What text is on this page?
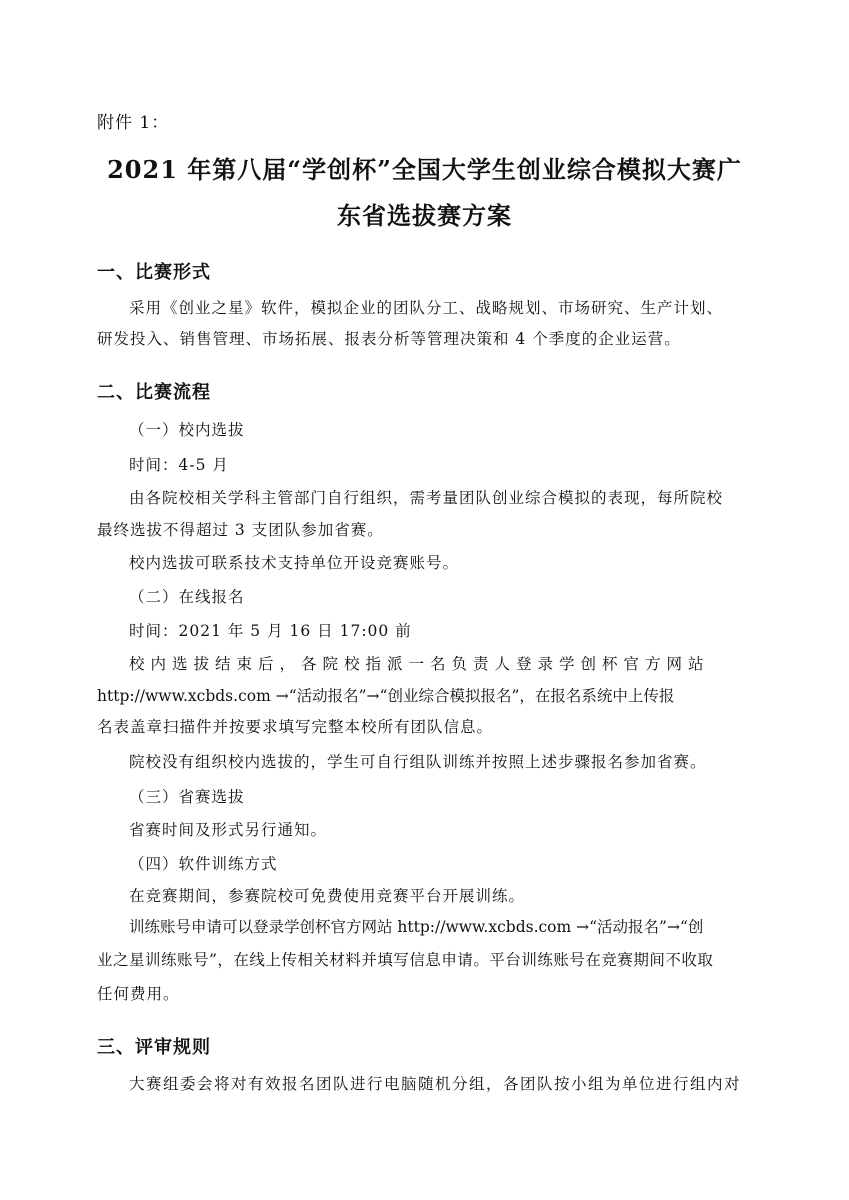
附件 1：
2021 年第八届“学创杯”全国大学生创业综合模拟大赛广
东省选拔赛方案
一、比赛形式
采用《创业之星》软件，模拟企业的团队分工、战略规划、市场研究、生产计划、
研发投入、销售管理、市场拓展、报表分析等管理决策和 4 个季度的企业运营。
二、比赛流程
（一）校内选拔
时间：4-5 月
由各院校相关学科主管部门自行组织，需考量团队创业综合模拟的表现，每所院校
最终选拔不得超过 3 支团队参加省赛。
校内选拔可联系技术支持单位开设竞赛账号。
（二）在线报名
时间：2021 年 5 月 16 日 17:00 前
校内选拔结束后，各院校指派一名负责人登录学创杯官方网站
http://www.xcbds.com →“活动报名”→“创业综合模拟报名”，在报名系统中上传报
名表盖章扫描件并按要求填写完整本校所有团队信息。
院校没有组织校内选拔的，学生可自行组队训练并按照上述步骤报名参加省赛。
（三）省赛选拔
省赛时间及形式另行通知。
（四）软件训练方式
在竞赛期间，参赛院校可免费使用竞赛平台开展训练。
训练账号申请可以登录学创杯官方网站 http://www.xcbds.com →“活动报名”→“创
业之星训练账号”，在线上传相关材料并填写信息申请。平台训练账号在竞赛期间不收取
任何费用。
三、评审规则
大赛组委会将对有效报名团队进行电脑随机分组，各团队按小组为单位进行组内对
